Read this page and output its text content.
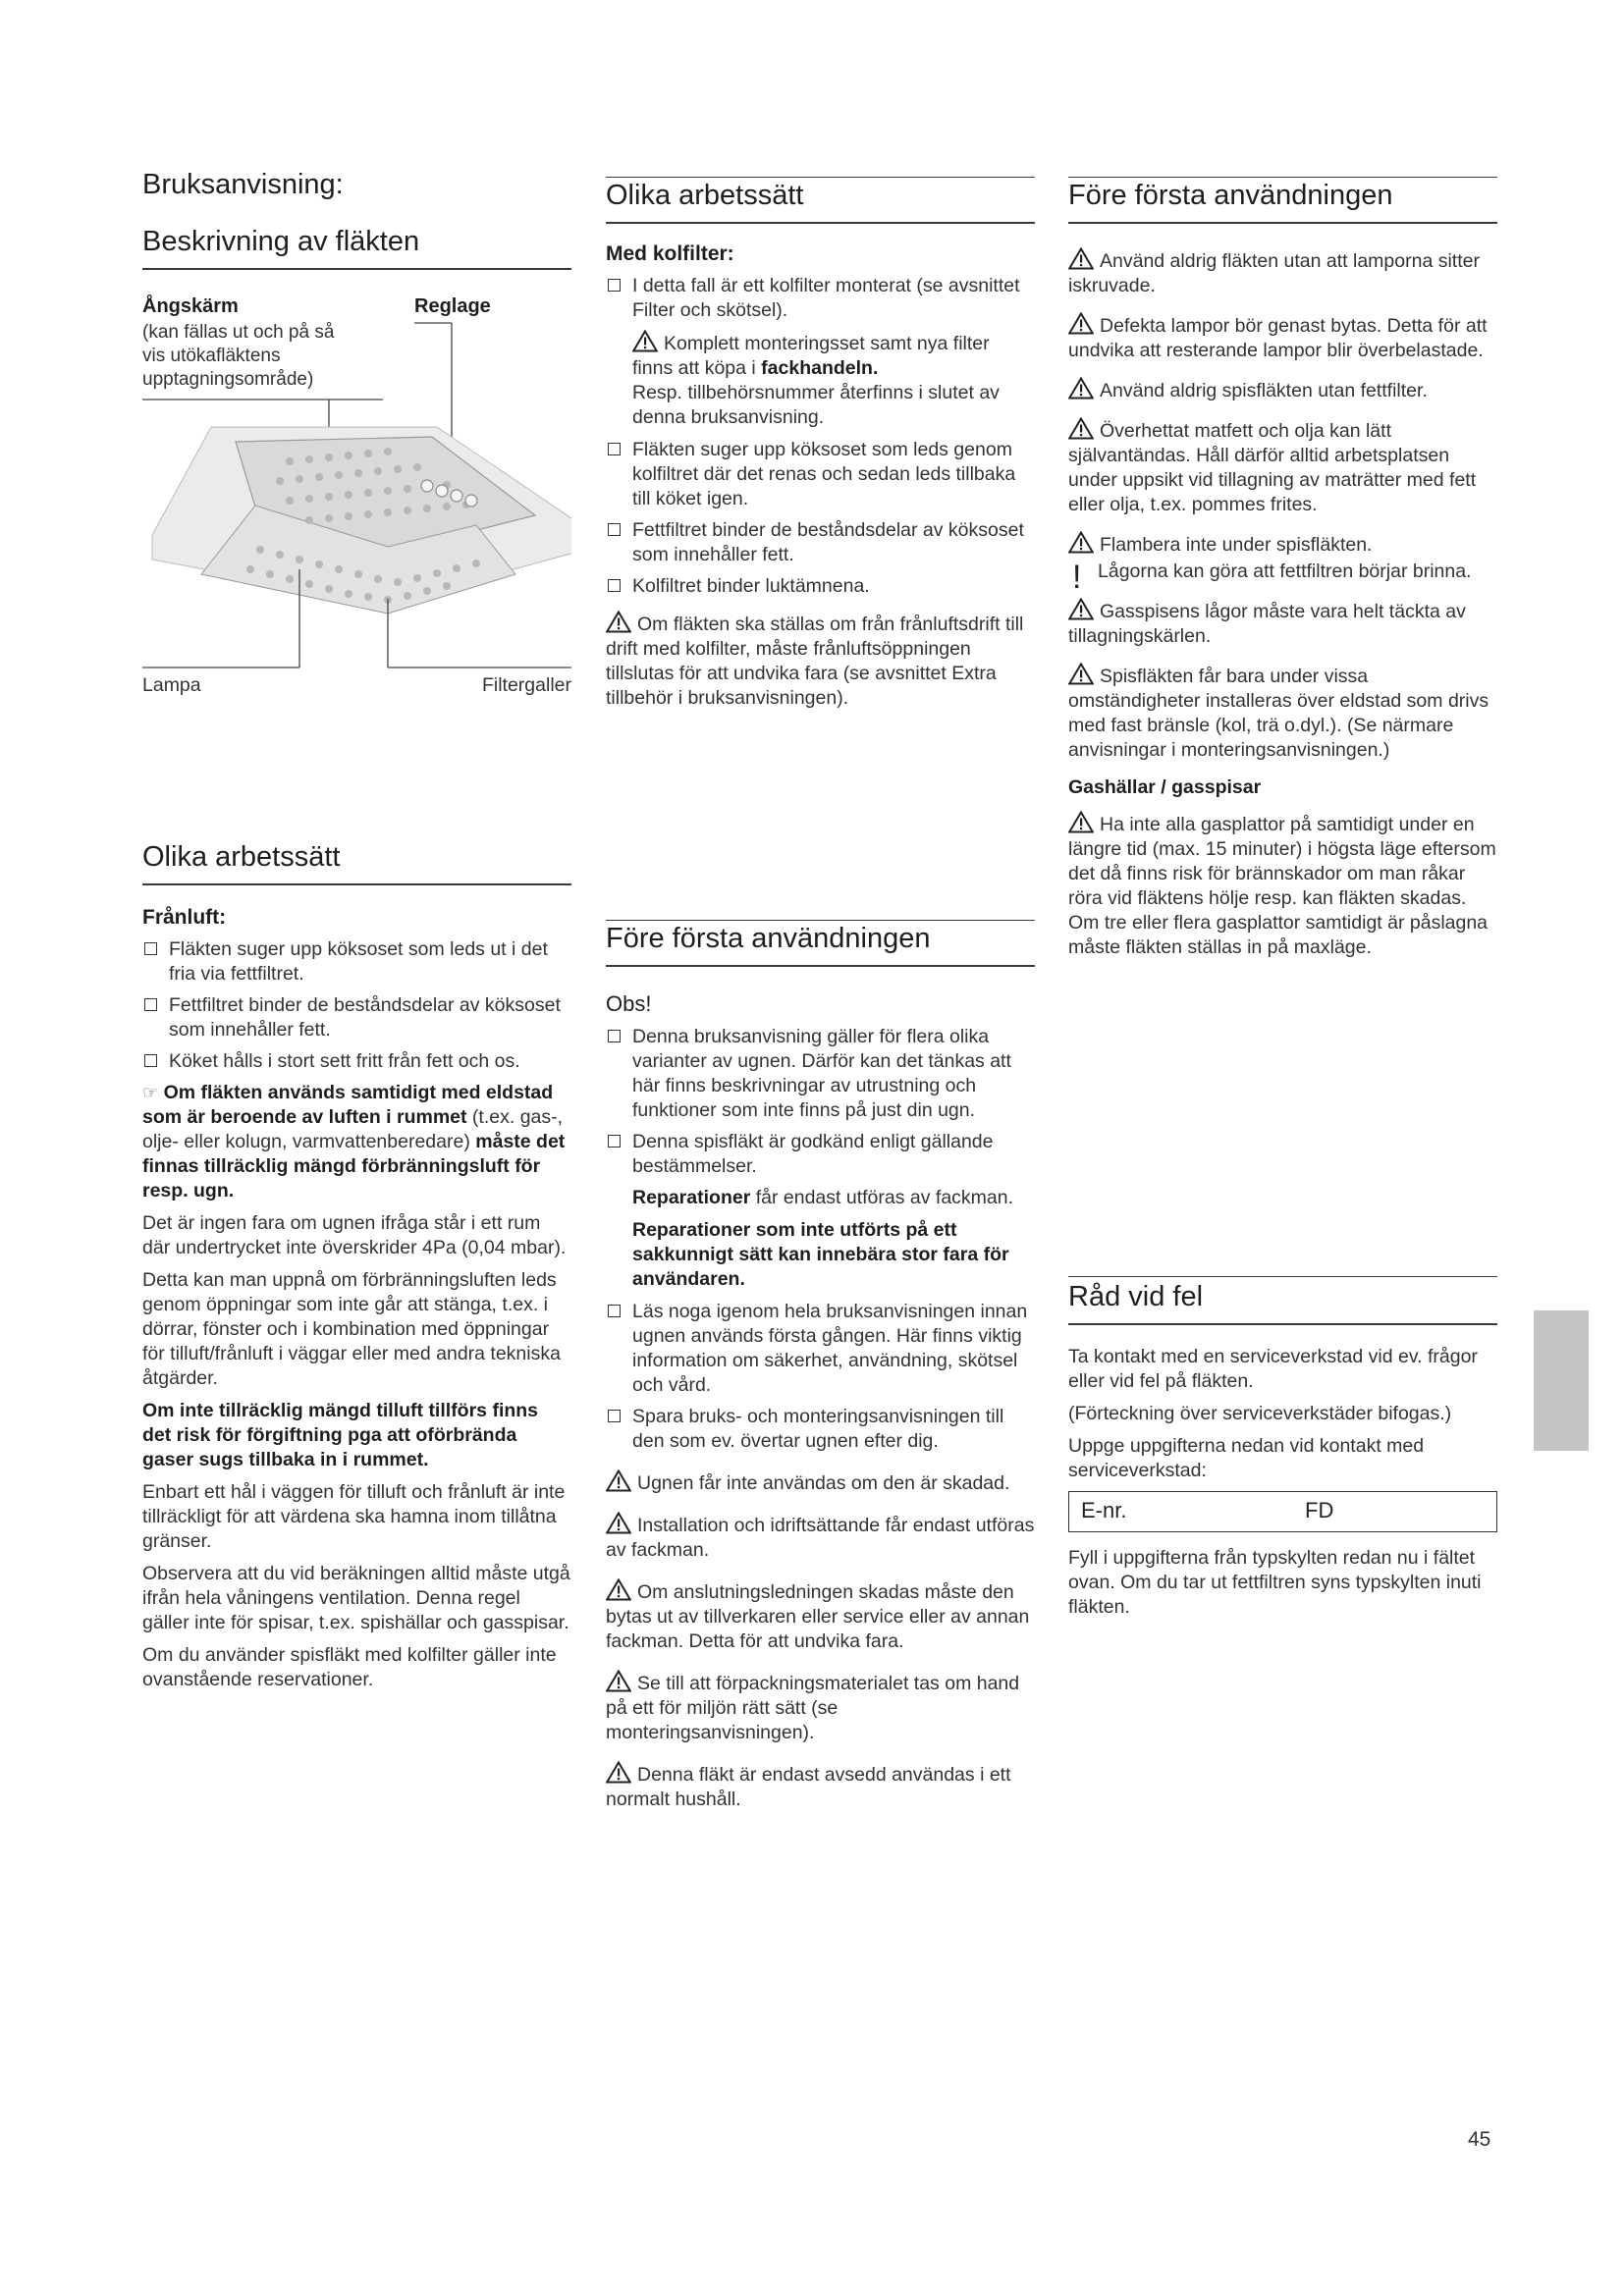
Bruksanvisning:
Beskrivning av fläkten
Ångskärm
(kan fällas ut och på så vis utökafläktens upptagningsområde)
Reglage
Lampa	Filtergaller
Olika arbetssätt
Frånluft:
Fläkten suger upp köksoset som leds ut i det fria via fettfiltret.
Fettfiltret binder de beståndsdelar av köksoset som innehåller fett.
Köket hålls i stort sett fritt från fett och os.

☞ Om fläkten används samtidigt med eldstad som är beroende av luften i rummet (t.ex. gas-, olje- eller kolugn, varmvattenberedare) måste det finnas tillräcklig mängd förbränningsluft för resp. ugn.

Det är ingen fara om ugnen ifråga står i ett rum där undertrycket inte överskrider 4Pa (0,04 mbar).

Detta kan man uppnå om förbränningsluften leds genom öppningar som inte går att stänga, t.ex. i dörrar, fönster och i kombination med öppningar för tilluft/frånluft i väggar eller med andra tekniska åtgärder.

Om inte tillräcklig mängd tilluft tillförs finns det risk för förgiftning pga att oförbrända gaser sugs tillbaka in i rummet.

Enbart ett hål i väggen för tilluft och frånluft är inte tillräckligt för att värdena ska hamna inom tillåtna gränser.

Observera att du vid beräkningen alltid måste utgå ifrån hela våningens ventilation. Denna regel gäller inte för spisar, t.ex. spishällar och gasspisar.

Om du använder spisfläkt med kolfilter gäller inte ovanstående reservationer.

Olika arbetssätt
Med kolfilter:
I detta fall är ett kolfilter monterat (se avsnittet Filter och skötsel).

Komplett monteringsset samt nya filter finns att köpa i fackhandeln.
Resp. tillbehörsnummer återfinns i slutet av denna bruksanvisning.

Fläkten suger upp köksoset som leds genom kolfiltret där det renas och sedan leds tillbaka till köket igen.
Fettfiltret binder de beståndsdelar av köksoset som innehåller fett.
Kolfiltret binder luktämnena.

Om fläkten ska ställas om från frånluftsdrift till drift med kolfilter, måste frånluftsöppningen tillslutas för att undvika fara (se avsnittet Extra tillbehör i bruksanvisningen).

Före första användningen
Obs!
Denna bruksanvisning gäller för flera olika varianter av ugnen. Därför kan det tänkas att här finns beskrivningar av utrustning och funktioner som inte finns på just din ugn.
Denna spisfläkt är godkänd enligt gällande bestämmelser.

Reparationer får endast utföras av fackman.

Reparationer som inte utförts på ett sakkunnigt sätt kan innebära stor fara för användaren.

Läs noga igenom hela bruksanvisningen innan ugnen används första gången. Här finns viktig information om säkerhet, användning, skötsel och vård.
Spara bruks- och monteringsanvisningen till den som ev. övertar ugnen efter dig.

Ugnen får inte användas om den är skadad.

Installation och idriftsättande får endast utföras av fackman.

Om anslutningsledningen skadas måste den bytas ut av tillverkaren eller service eller av annan fackman. Detta för att undvika fara.

Se till att förpackningsmaterialet tas om hand på ett för miljön rätt sätt (se monteringsanvisningen).

Denna fläkt är endast avsedd användas i ett normalt hushåll.

Före första användningen

Använd aldrig fläkten utan att lamporna sitter iskruvade.

Defekta lampor bör genast bytas. Detta för att undvika att resterande lampor blir överbelastade.

Använd aldrig spisfläkten utan fettfilter.

Överhettat matfett och olja kan lätt självantändas. Håll därför alltid arbetsplatsen under uppsikt vid tillagning av maträtter med fett eller olja, t.ex. pommes frites.

Flambera inte under spisfläkten.

! Lågorna kan göra att fettfiltren börjar brinna.

Gasspisens lågor måste vara helt täckta av tillagningskärlen.

Spisfläkten får bara under vissa omständigheter installeras över eldstad som drivs med fast bränsle (kol, trä o.dyl.). (Se närmare anvisningar i monteringsanvisningen.)

Gashällar / gasspisar

Ha inte alla gasplattor på samtidigt under en längre tid (max. 15 minuter) i högsta läge eftersom det då finns risk för brännskador om man råkar röra vid fläktens hölje resp. kan fläkten skadas. Om tre eller flera gasplattor samtidigt är påslagna måste fläkten ställas in på maxläge.

Råd vid fel

Ta kontakt med en serviceverkstad vid ev. frågor eller vid fel på fläkten.

(Förteckning över serviceverkstäder bifogas.)

Uppge uppgifterna nedan vid kontakt med serviceverkstad:

E-nr.	FD

Fyll i uppgifterna från typskylten redan nu i fältet ovan. Om du tar ut fettfiltren syns typskylten inuti fläkten.

45
